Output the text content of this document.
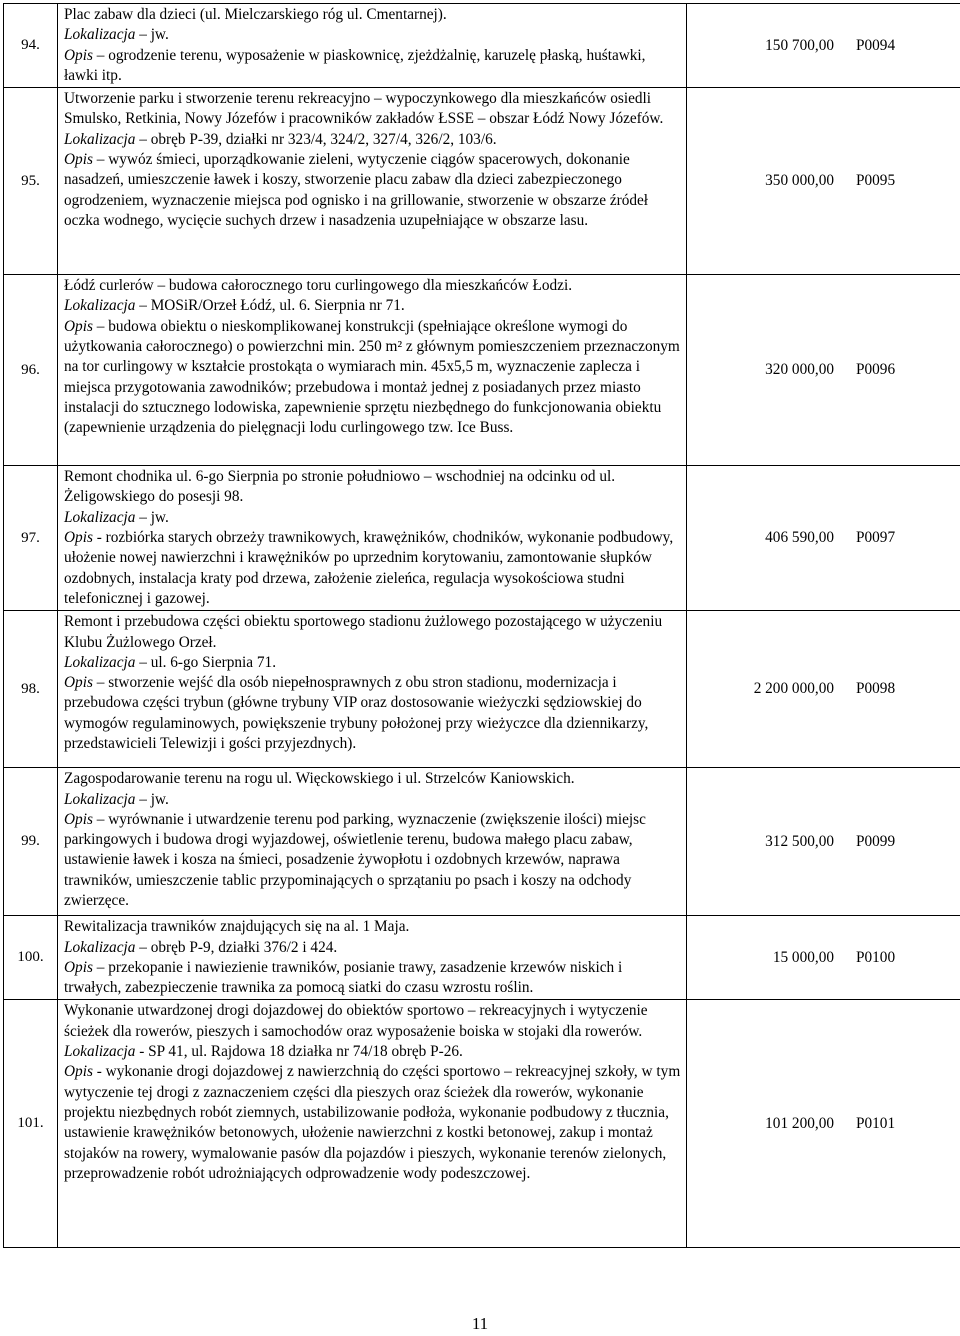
94.	Plac zabaw dla dzieci (ul. Mielczarskiego róg ul. Cmentarnej).
Lokalizacja – jw.
Opis – ogrodzenie terenu, wyposażenie w piaskownicę, zjeżdżalnię, karuzelę płaską, huśtawki, ławki itp.	150 700,00 P0094

95.	Utworzenie parku i stworzenie terenu rekreacyjno – wypoczynkowego dla mieszkańców osiedli Smulsko, Retkinia, Nowy Józefów i pracowników zakładów ŁSSE – obszar Łódź Nowy Józefów.
Lokalizacja – obręb P-39, działki nr 323/4, 324/2, 327/4, 326/2, 103/6.
Opis – wywóz śmieci, uporządkowanie zieleni, wytyczenie ciągów spacerowych, dokonanie nasadzeń, umieszczenie ławek i koszy, stworzenie placu zabaw dla dzieci zabezpieczonego ogrodzeniem, wyznaczenie miejsca pod ognisko i na grillowanie, stworzenie w obszarze źródeł oczka wodnego, wycięcie suchych drzew i nasadzenia uzupełniające w obszarze lasu.	350 000,00 P0095

96.	Łódź curlerów – budowa całorocznego toru curlingowego dla mieszkańców Łodzi.
Lokalizacja – MOSiR/Orzeł Łódź, ul. 6. Sierpnia nr 71.
Opis – budowa obiektu o nieskomplikowanej konstrukcji (spełniające określone wymogi do użytkowania całorocznego) o powierzchni min. 250 m² z głównym pomieszczeniem przeznaczonym na tor curlingowy w kształcie prostokąta o wymiarach min. 45x5,5 m, wyznaczenie zaplecza i miejsca przygotowania zawodników; przebudowa i montaż jednej z posiadanych przez miasto instalacji do sztucznego lodowiska, zapewnienie sprzętu niezbędnego do funkcjonowania obiektu (zapewnienie urządzenia do pielęgnacji lodu curlingowego tzw. Ice Buss.	320 000,00 P0096

97.	Remont chodnika ul. 6-go Sierpnia po stronie południowo – wschodniej na odcinku od ul. Żeligowskiego do posesji 98.
Lokalizacja – jw.
Opis - rozbiórka starych obrzeży trawnikowych, krawężników, chodników, wykonanie podbudowy, ułożenie nowej nawierzchni i krawężników po uprzednim korytowaniu, zamontowanie słupków ozdobnych, instalacja kraty pod drzewa, założenie zieleńca, regulacja wysokościowa studni telefonicznej i gazowej.	406 590,00 P0097

98.	Remont i przebudowa części obiektu sportowego stadionu żużlowego pozostającego w użyczeniu Klubu Żużlowego Orzeł.
Lokalizacja – ul. 6-go Sierpnia 71.
Opis – stworzenie wejść dla osób niepełnosprawnych z obu stron stadionu, modernizacja i przebudowa części trybun (główne trybuny VIP oraz dostosowanie wieżyczki sędziowskiej do wymogów regulaminowych, powiększenie trybuny położonej przy wieżyczce dla dziennikarzy, przedstawicieli Telewizji i gości przyjezdnych).	2 200 000,00 P0098

99.	Zagospodarowanie terenu na rogu ul. Więckowskiego i ul. Strzelców Kaniowskich.
Lokalizacja – jw.
Opis – wyrównanie i utwardzenie terenu pod parking, wyznaczenie (zwiększenie ilości) miejsc parkingowych i budowa drogi wyjazdowej, oświetlenie terenu, budowa małego placu zabaw, ustawienie ławek i kosza na śmieci, posadzenie żywopłotu i ozdobnych krzewów, naprawa trawników, umieszczenie tablic przypominających o sprzątaniu po psach i koszy na odchody zwierzęce.	312 500,00 P0099

100.	Rewitalizacja trawników znajdujących się na al. 1 Maja.
Lokalizacja – obręb P-9, działki 376/2 i 424.
Opis – przekopanie i nawiezienie trawników, posianie trawy, zasadzenie krzewów niskich i trwałych, zabezpieczenie trawnika za pomocą siatki do czasu wzrostu roślin.	15 000,00 P0100

101.	Wykonanie utwardzonej drogi dojazdowej do obiektów sportowo – rekreacyjnych i wytyczenie ścieżek dla rowerów, pieszych i samochodów oraz wyposażenie boiska w stojaki dla rowerów.
Lokalizacja - SP 41, ul. Rajdowa 18 działka nr 74/18 obręb P-26.
Opis - wykonanie drogi dojazdowej z nawierzchnią do części sportowo – rekreacyjnej szkoły, w tym wytyczenie tej drogi z zaznaczeniem części dla pieszych oraz ścieżek dla rowerów, wykonanie projektu niezbędnych robót ziemnych, ustabilizowanie podłoża, wykonanie podbudowy z tłucznia, ustawienie krawężników betonowych, ułożenie nawierzchni z kostki betonowej, zakup i montaż stojaków na rowery, wymalowanie pasów dla pojazdów i pieszych, wykonanie terenów zielonych, przeprowadzenie robót udrożniających odprowadzenie wody podeszczowej.	101 200,00 P0101
11
